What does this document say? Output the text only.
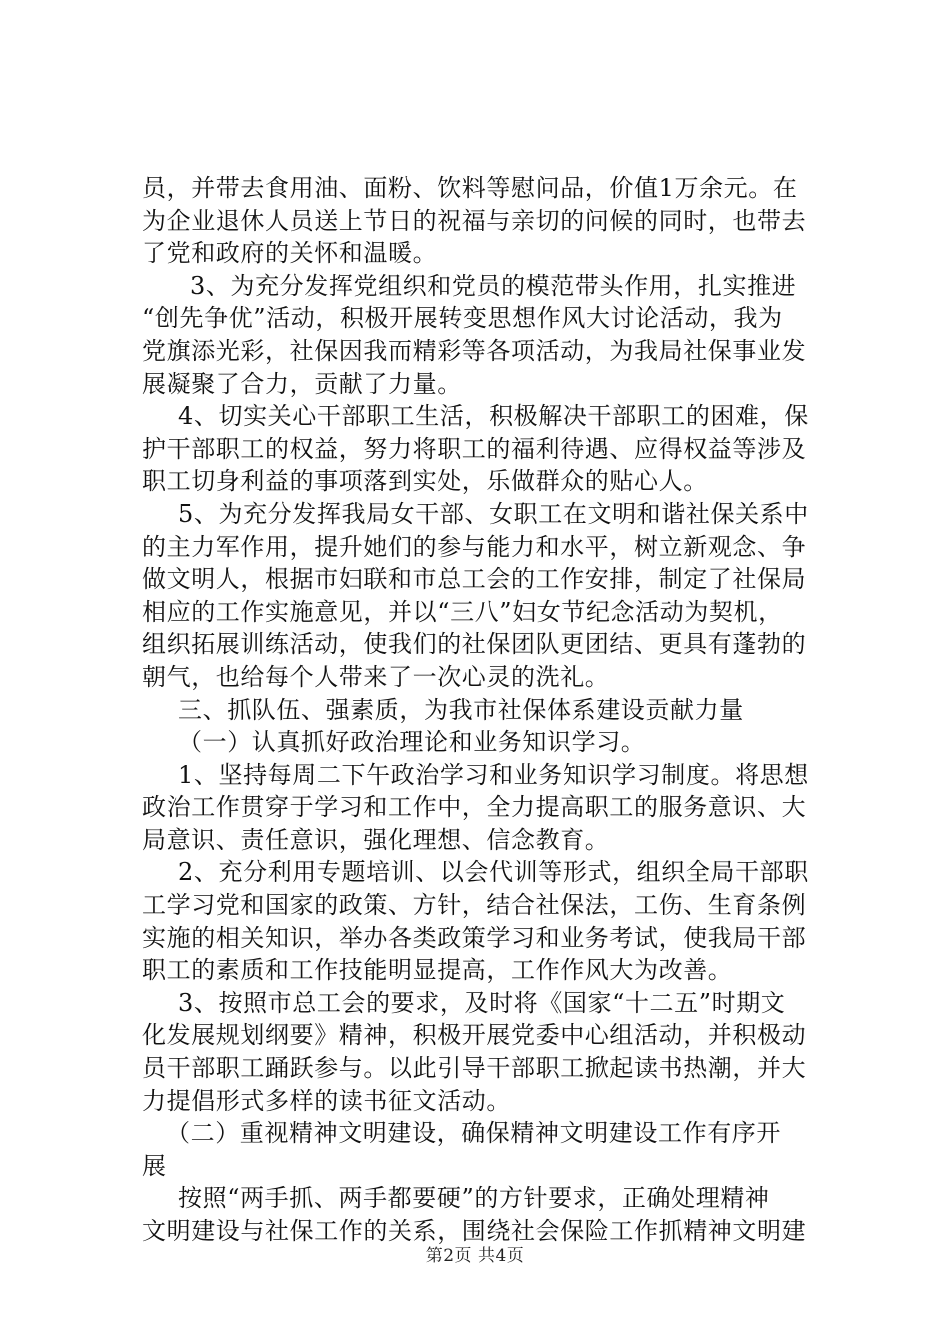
员，并带去食用油、面粉、饮料等慰问品，价值1万余元。在
为企业退休人员送上节日的祝福与亲切的问候的同时，也带去
了党和政府的关怀和温暖。
3、为充分发挥党组织和党员的模范带头作用，扎实推进
“创先争优”活动，积极开展转变思想作风大讨论活动，我为
党旗添光彩，社保因我而精彩等各项活动，为我局社保事业发
展凝聚了合力，贡献了力量。
4、切实关心干部职工生活，积极解决干部职工的困难，保
护干部职工的权益，努力将职工的福利待遇、应得权益等涉及
职工切身利益的事项落到实处，乐做群众的贴心人。
5、为充分发挥我局女干部、女职工在文明和谐社保关系中
的主力军作用，提升她们的参与能力和水平，树立新观念、争
做文明人，根据市妇联和市总工会的工作安排，制定了社保局
相应的工作实施意见，并以“三八”妇女节纪念活动为契机，
组织拓展训练活动，使我们的社保团队更团结、更具有蓬勃的
朝气，也给每个人带来了一次心灵的洗礼。
三、抓队伍、强素质，为我市社保体系建设贡献力量
（一）认真抓好政治理论和业务知识学习。
1、坚持每周二下午政治学习和业务知识学习制度。将思想
政治工作贯穿于学习和工作中，全力提高职工的服务意识、大
局意识、责任意识，强化理想、信念教育。
2、充分利用专题培训、以会代训等形式，组织全局干部职
工学习党和国家的政策、方针，结合社保法，工伤、生育条例
实施的相关知识，举办各类政策学习和业务考试，使我局干部
职工的素质和工作技能明显提高，工作作风大为改善。
3、按照市总工会的要求，及时将《国家“十二五”时期文
化发展规划纲要》精神，积极开展党委中心组活动，并积极动
员干部职工踊跃参与。以此引导干部职工掀起读书热潮，并大
力提倡形式多样的读书征文活动。
（二）重视精神文明建设，确保精神文明建设工作有序开
展
按照“两手抓、两手都要硬”的方针要求，正确处理精神
文明建设与社保工作的关系，围绕社会保险工作抓精神文明建
第2页 共4页
